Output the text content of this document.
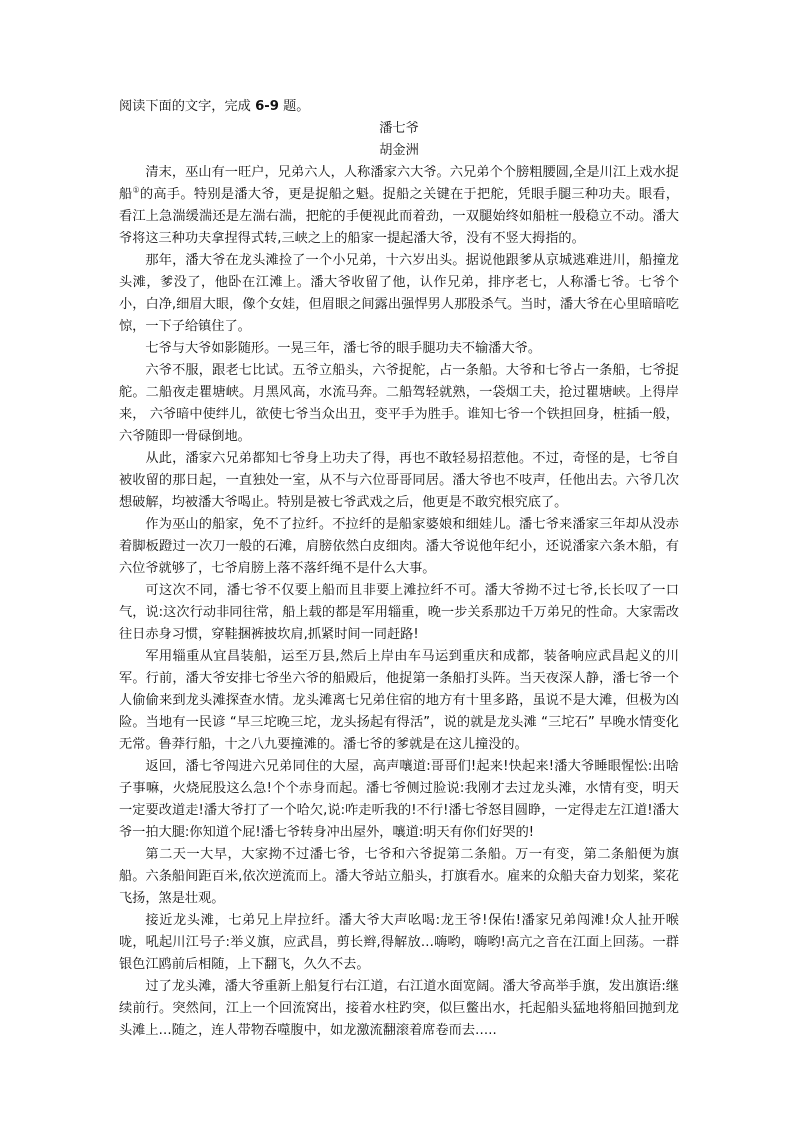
阅读下面的文字，完成 6-9 题。

潘七爷

胡金洲

清末，巫山有一旺户，兄弟六人，人称潘家六大爷。六兄弟个个膀粗腰圆,全是川江上戏水捉船①的高手。特别是潘大爷，更是捉船之魁。捉船之关键在于把舵，凭眼手腿三种功夫。眼看，看江上急湍缓湍还是左湍右湍，把舵的手便视此而着劲，一双腿始终如船桩一般稳立不动。潘大爷将这三种功夫拿捏得式转,三峡之上的船家一提起潘大爷，没有不竖大拇指的。

那年，潘大爷在龙头滩捡了一个小兄弟，十六岁出头。据说他跟爹从京城逃难进川，船撞龙头滩，爹没了，他卧在江滩上。潘大爷收留了他，认作兄弟，排序老七，人称潘七爷。七爷个小，白净,细眉大眼，像个女娃，但眉眼之间露出强悍男人那股杀气。当时，潘大爷在心里暗暗吃惊，一下子给镇住了。

七爷与大爷如影随形。一晃三年，潘七爷的眼手腿功夫不输潘大爷。

六爷不服，跟老七比试。五爷立船头，六爷捉舵，占一条船。大爷和七爷占一条船，七爷捉舵。二船夜走瞿塘峡。月黑风高，水流马奔。二船驾轻就熟，一袋烟工夫，抢过瞿塘峡。上得岸来， 六爷暗中使绊儿，欲使七爷当众出丑，变平手为胜手。谁知七爷一个铁担回身，桩插一般，六爷随即一骨碌倒地。

从此，潘家六兄弟都知七爷身上功夫了得，再也不敢轻易招惹他。不过，奇怪的是，七爷自被收留的那日起，一直独处一室，从不与六位哥哥同居。潘大爷也不吱声，任他出去。六爷几次想破解，均被潘大爷喝止。特别是被七爷武戏之后，他更是不敢究根究底了。

作为巫山的船家，免不了拉纤。不拉纤的是船家婆娘和细娃儿。潘七爷来潘家三年却从没赤着脚板蹬过一次刀一般的石滩，肩膀依然白皮细肉。潘大爷说他年纪小，还说潘家六条木船，有六位爷就够了，七爷肩膀上落不落纤绳不是什么大事。

可这次不同，潘七爷不仅要上船而且非要上滩拉纤不可。潘大爷拗不过七爷,长长叹了一口气，说:这次行动非同往常，船上载的都是军用辎重，晚一步关系那边千万弟兄的性命。大家需改往日赤身习惯，穿鞋捆裤披坎肩,抓紧时间一同赶路!

军用辎重从宜昌装船，运至万县,然后上岸由车马运到重庆和成都，装备响应武昌起义的川军。行前，潘大爷安排七爷坐六爷的船殿后，他捉第一条船打头阵。当天夜深人静，潘七爷一个人偷偷来到龙头滩探查水情。龙头滩离七兄弟住宿的地方有十里多路，虽说不是大滩，但极为凶险。当地有一民谚 “早三坨晚三坨，龙头扬起有得活”，说的就是龙头滩 “三坨石” 早晚水情变化无常。鲁莽行船，十之八九要撞滩的。潘七爷的爹就是在这儿撞没的。

返回，潘七爷闯进六兄弟同住的大屋，高声嚷道:哥哥们!起来!快起来!潘大爷睡眼惺忪:出啥子事嘛，火烧屁股这么急!个个赤身而起。潘七爷侧过脸说:我刚才去过龙头滩，水情有变，明天一定要改道走!潘大爷打了一个哈欠,说:咋走听我的!不行!潘七爷怒目圆睁，一定得走左江道!潘大爷一拍大腿:你知道个屁!潘七爷转身冲出屋外，嚷道:明天有你们好哭的!

第二天一大早，大家拗不过潘七爷，七爷和六爷捉第二条船。万一有变，第二条船便为旗船。六条船间距百米,依次逆流而上。潘大爷站立船头，打旗看水。雇来的众船夫奋力划桨，桨花飞扬，煞是壮观。

接近龙头滩，七弟兄上岸拉纤。潘大爷大声吆喝:龙王爷!保佑!潘家兄弟闯滩!众人扯开喉咙，吼起川江号子:举义旗，应武昌，剪长辫,得解放…嗨哟，嗨哟!高亢之音在江面上回荡。一群银色江鸥前后相随，上下翻飞，久久不去。

过了龙头滩，潘大爷重新上船复行右江道，右江道水面宽阔。潘大爷高举手旗，发出旗语:继续前行。突然间，江上一个回流窝出，接着水柱趵突，似巨鳖出水，托起船头猛地将船回抛到龙头滩上…随之，连人带物吞噬腹中，如龙激流翻滚着席卷而去…..
